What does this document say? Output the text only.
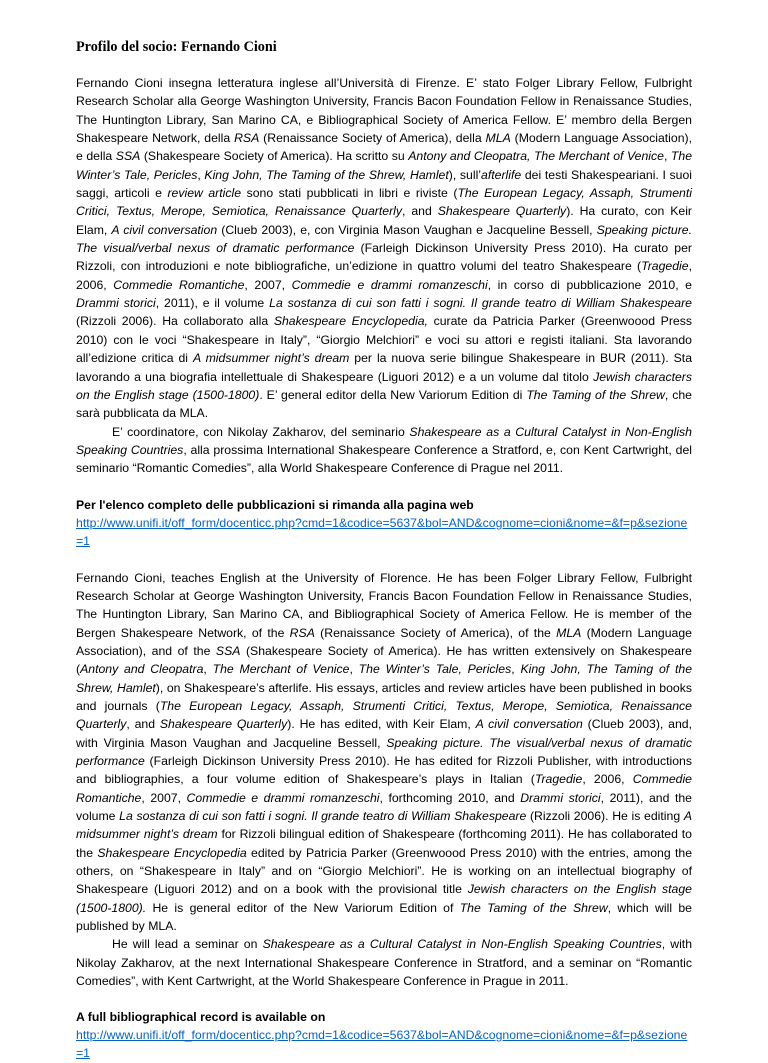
Profilo del socio: Fernando Cioni

Fernando Cioni insegna letteratura inglese all’Università di Firenze. E’ stato Folger Library Fellow, Fulbright Research Scholar alla George Washington University, Francis Bacon Foundation Fellow in Renaissance Studies, The Huntington Library, San Marino CA, e Bibliographical Society of America Fellow. E’ membro della Bergen Shakespeare Network, della RSA (Renaissance Society of America), della MLA (Modern Language Association), e della SSA (Shakespeare Society of America). Ha scritto su Antony and Cleopatra, The Merchant of Venice, The Winter’s Tale, Pericles, King John, The Taming of the Shrew, Hamlet), sull’afterlife dei testi Shakespeariani. I suoi saggi, articoli e review article sono stati pubblicati in libri e riviste (The European Legacy, Assaph, Strumenti Critici, Textus, Merope, Semiotica, Renaissance Quarterly, and Shakespeare Quarterly). Ha curato, con Keir Elam, A civil conversation (Clueb 2003), e, con Virginia Mason Vaughan e Jacqueline Bessell, Speaking picture. The visual/verbal nexus of dramatic performance (Farleigh Dickinson University Press 2010). Ha curato per Rizzoli, con introduzioni e note bibliografiche, un’edizione in quattro volumi del teatro Shakespeare (Tragedie, 2006, Commedie Romantiche, 2007, Commedie e drammi romanzeschi, in corso di pubblicazione 2010, e Drammi storici, 2011), e il volume La sostanza di cui son fatti i sogni. Il grande teatro di William Shakespeare (Rizzoli 2006). Ha collaborato alla Shakespeare Encyclopedia, curate da Patricia Parker (Greenwoood Press 2010) con le voci “Shakespeare in Italy”, “Giorgio Melchiori” e voci su attori e registi italiani. Sta lavorando all’edizione critica di A midsummer night’s dream per la nuova serie bilingue Shakespeare in BUR (2011). Sta lavorando a una biografia intellettuale di Shakespeare (Liguori 2012) e a un volume dal titolo Jewish characters on the English stage (1500-1800). E’ general editor della New Variorum Edition di The Taming of the Shrew, che sarà pubblicata da MLA.

E’ coordinatore, con Nikolay Zakharov, del seminario Shakespeare as a Cultural Catalyst in Non-English Speaking Countries, alla prossima International Shakespeare Conference a Stratford, e, con Kent Cartwright, del seminario “Romantic Comedies”, alla World Shakespeare Conference di Prague nel 2011.

Per l'elenco completo delle pubblicazioni si rimanda alla pagina web

http://www.unifi.it/off_form/docenticc.php?cmd=1&codice=5637&bol=AND&cognome=cioni&nome=&f=p&sezione=1

Fernando Cioni, teaches English at the University of Florence. He has been Folger Library Fellow, Fulbright Research Scholar at George Washington University, Francis Bacon Foundation Fellow in Renaissance Studies, The Huntington Library, San Marino CA, and Bibliographical Society of America Fellow. He is member of the Bergen Shakespeare Network, of the RSA (Renaissance Society of America), of the MLA (Modern Language Association), and of the SSA (Shakespeare Society of America). He has written extensively on Shakespeare (Antony and Cleopatra, The Merchant of Venice, The Winter’s Tale, Pericles, King John, The Taming of the Shrew, Hamlet), on Shakespeare’s afterlife. His essays, articles and review articles have been published in books and journals (The European Legacy, Assaph, Strumenti Critici, Textus, Merope, Semiotica, Renaissance Quarterly, and Shakespeare Quarterly). He has edited, with Keir Elam, A civil conversation (Clueb 2003), and, with Virginia Mason Vaughan and Jacqueline Bessell, Speaking picture. The visual/verbal nexus of dramatic performance (Farleigh Dickinson University Press 2010). He has edited for Rizzoli Publisher, with introductions and bibliographies, a four volume edition of Shakespeare’s plays in Italian (Tragedie, 2006, Commedie Romantiche, 2007, Commedie e drammi romanzeschi, forthcoming 2010, and Drammi storici, 2011), and the volume La sostanza di cui son fatti i sogni. Il grande teatro di William Shakespeare (Rizzoli 2006). He is editing A midsummer night’s dream for Rizzoli bilingual edition of Shakespeare (forthcoming 2011). He has collaborated to the Shakespeare Encyclopedia edited by Patricia Parker (Greenwoood Press 2010) with the entries, among the others, on “Shakespeare in Italy” and on “Giorgio Melchiori”. He is working on an intellectual biography of Shakespeare (Liguori 2012) and on a book with the provisional title Jewish characters on the English stage (1500-1800). He is general editor of the New Variorum Edition of The Taming of the Shrew, which will be published by MLA.

He will lead a seminar on Shakespeare as a Cultural Catalyst in Non-English Speaking Countries, with Nikolay Zakharov, at the next International Shakespeare Conference in Stratford, and a seminar on “Romantic Comedies”, with Kent Cartwright, at the World Shakespeare Conference in Prague in 2011.

A full bibliographical record is available on

http://www.unifi.it/off_form/docenticc.php?cmd=1&codice=5637&bol=AND&cognome=cioni&nome=&f=p&sezione=1
